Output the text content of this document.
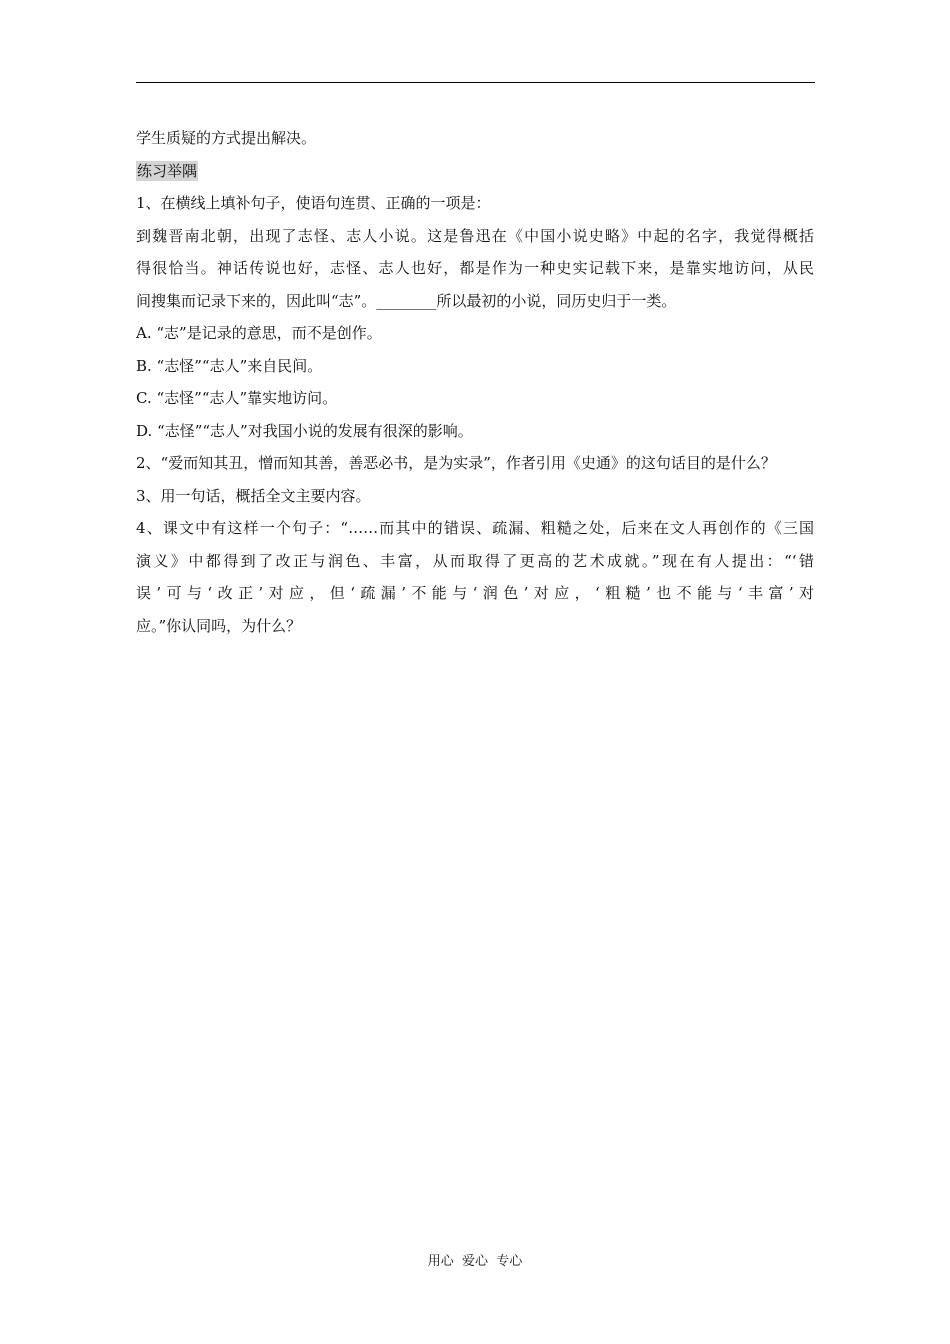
学生质疑的方式提出解决。

练习举隅

1、在横线上填补句子，使语句连贯、正确的一项是：

到魏晋南北朝，出现了志怪、志人小说。这是鲁迅在《中国小说史略》中起的名字，我觉得概括

得很恰当。神话传说也好，志怪、志人也好，都是作为一种史实记载下来，是靠实地访问，从民

间搜集而记录下来的，因此叫“志”。________所以最初的小说，同历史归于一类。

A. “志”是记录的意思，而不是创作。

B. “志怪”“志人”来自民间。

C. “志怪”“志人”靠实地访问。

D. “志怪”“志人”对我国小说的发展有很深的影响。

2、“爱而知其丑，憎而知其善，善恶必书，是为实录”，作者引用《史通》的这句话目的是什么？

3、用一句话，概括全文主要内容。

4、课文中有这样一个句子：“……而其中的错误、疏漏、粗糙之处，后来在文人再创作的《三国

演义》中都得到了改正与润色、丰富，从而取得了更高的艺术成就。”现在有人提出：“‘错

误’可与‘改正’对应，但‘疏漏’不能与‘润色’对应，‘粗糙’也不能与‘丰富’对

应。”你认同吗，为什么？

用心  爱心  专心
